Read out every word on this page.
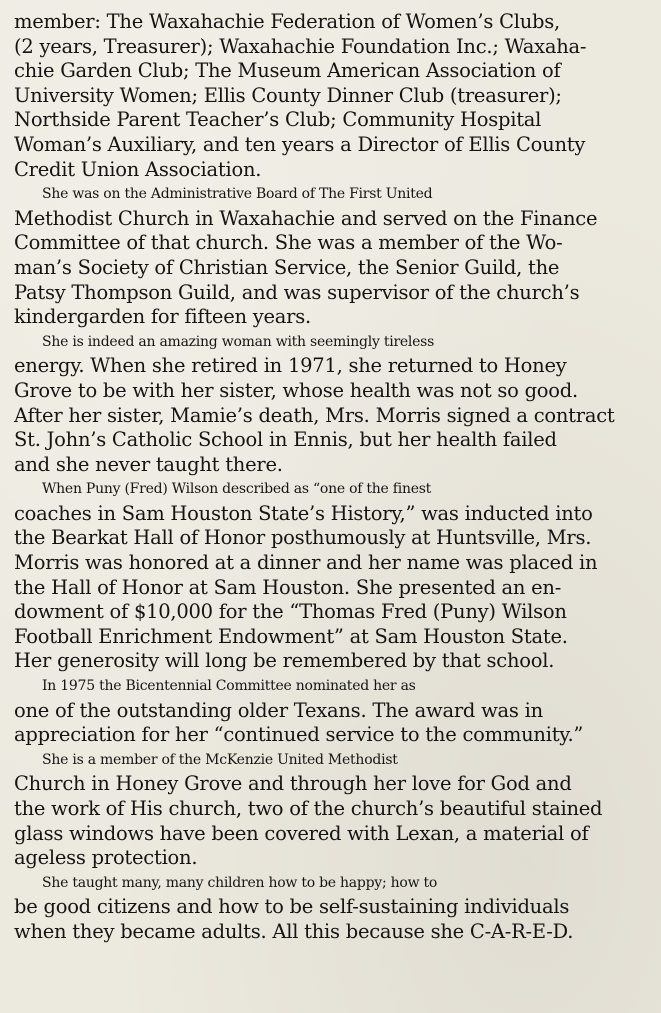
member: The Waxahachie Federation of Women’s Clubs,
(2 years, Treasurer); Waxahachie Foundation Inc.; Waxaha-
chie Garden Club; The Museum American Association of
University Women; Ellis County Dinner Club (treasurer);
Northside Parent Teacher’s Club; Community Hospital
Woman’s Auxiliary, and ten years a Director of Ellis County
Credit Union Association.
She was on the Administrative Board of The First United
Methodist Church in Waxahachie and served on the Finance
Committee of that church. She was a member of the Wo-
man’s Society of Christian Service, the Senior Guild, the
Patsy Thompson Guild, and was supervisor of the church’s
kindergarden for fifteen years.
She is indeed an amazing woman with seemingly tireless
energy. When she retired in 1971, she returned to Honey
Grove to be with her sister, whose health was not so good.
After her sister, Mamie’s death, Mrs. Morris signed a contract
St. John’s Catholic School in Ennis, but her health failed
and she never taught there.
When Puny (Fred) Wilson described as “one of the finest
coaches in Sam Houston State’s History,” was inducted into
the Bearkat Hall of Honor posthumously at Huntsville, Mrs.
Morris was honored at a dinner and her name was placed in
the Hall of Honor at Sam Houston. She presented an en-
dowment of $10,000 for the “Thomas Fred (Puny) Wilson
Football Enrichment Endowment” at Sam Houston State.
Her generosity will long be remembered by that school.
In 1975 the Bicentennial Committee nominated her as
one of the outstanding older Texans. The award was in
appreciation for her “continued service to the community.”
She is a member of the McKenzie United Methodist
Church in Honey Grove and through her love for God and
the work of His church, two of the church’s beautiful stained
glass windows have been covered with Lexan, a material of
ageless protection.
She taught many, many children how to be happy; how to
be good citizens and how to be self-sustaining individuals
when they became adults. All this because she C-A-R-E-D.
